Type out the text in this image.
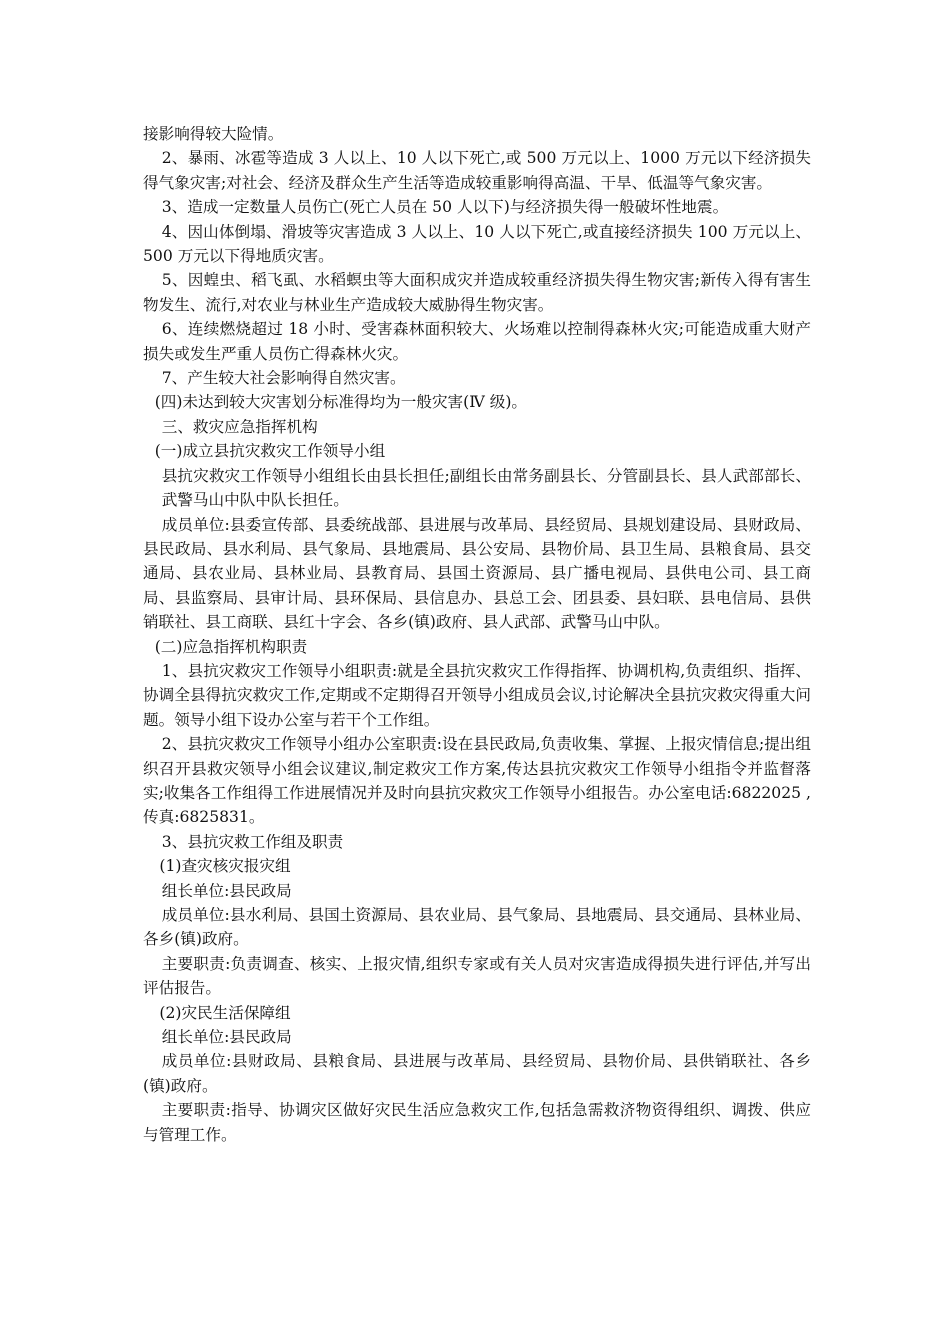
接影响得较大险情。

2、暴雨、冰雹等造成 3 人以上、10 人以下死亡,或 500 万元以上、1000 万元以下经济损失得气象灾害;对社会、经济及群众生产生活等造成较重影响得高温、干旱、低温等气象灾害。

3、造成一定数量人员伤亡(死亡人员在 50 人以下)与经济损失得一般破坏性地震。

4、因山体倒塌、滑坡等灾害造成 3 人以上、10 人以下死亡,或直接经济损失 100 万元以上、500 万元以下得地质灾害。

5、因蝗虫、稻飞虱、水稻螟虫等大面积成灾并造成较重经济损失得生物灾害;新传入得有害生物发生、流行,对农业与林业生产造成较大威胁得生物灾害。

6、连续燃烧超过 18 小时、受害森林面积较大、火场难以控制得森林火灾;可能造成重大财产损失或发生严重人员伤亡得森林火灾。

7、产生较大社会影响得自然灾害。

(四)未达到较大灾害划分标准得均为一般灾害(Ⅳ 级)。

三、救灾应急指挥机构

(一)成立县抗灾救灾工作领导小组

县抗灾救灾工作领导小组组长由县长担任;副组长由常务副县长、分管副县长、县人武部部长、武警马山中队中队长担任。

成员单位:县委宣传部、县委统战部、县进展与改革局、县经贸局、县规划建设局、县财政局、县民政局、县水利局、县气象局、县地震局、县公安局、县物价局、县卫生局、县粮食局、县交通局、县农业局、县林业局、县教育局、县国土资源局、县广播电视局、县供电公司、县工商局、县监察局、县审计局、县环保局、县信息办、县总工会、团县委、县妇联、县电信局、县供销联社、县工商联、县红十字会、各乡(镇)政府、县人武部、武警马山中队。

(二)应急指挥机构职责

1、县抗灾救灾工作领导小组职责:就是全县抗灾救灾工作得指挥、协调机构,负责组织、指挥、协调全县得抗灾救灾工作,定期或不定期得召开领导小组成员会议,讨论解决全县抗灾救灾得重大问题。领导小组下设办公室与若干个工作组。

2、县抗灾救灾工作领导小组办公室职责:设在县民政局,负责收集、掌握、上报灾情信息;提出组织召开县救灾领导小组会议建议,制定救灾工作方案,传达县抗灾救灾工作领导小组指令并监督落实;收集各工作组得工作进展情况并及时向县抗灾救灾工作领导小组报告。办公室电话:6822025 ,传真:6825831。

3、县抗灾救工作组及职责

(1)查灾核灾报灾组

组长单位:县民政局

成员单位:县水利局、县国土资源局、县农业局、县气象局、县地震局、县交通局、县林业局、各乡(镇)政府。

主要职责:负责调查、核实、上报灾情,组织专家或有关人员对灾害造成得损失进行评估,并写出评估报告。

(2)灾民生活保障组

组长单位:县民政局

成员单位:县财政局、县粮食局、县进展与改革局、县经贸局、县物价局、县供销联社、各乡(镇)政府。

主要职责:指导、协调灾区做好灾民生活应急救灾工作,包括急需救济物资得组织、调拨、供应与管理工作。
